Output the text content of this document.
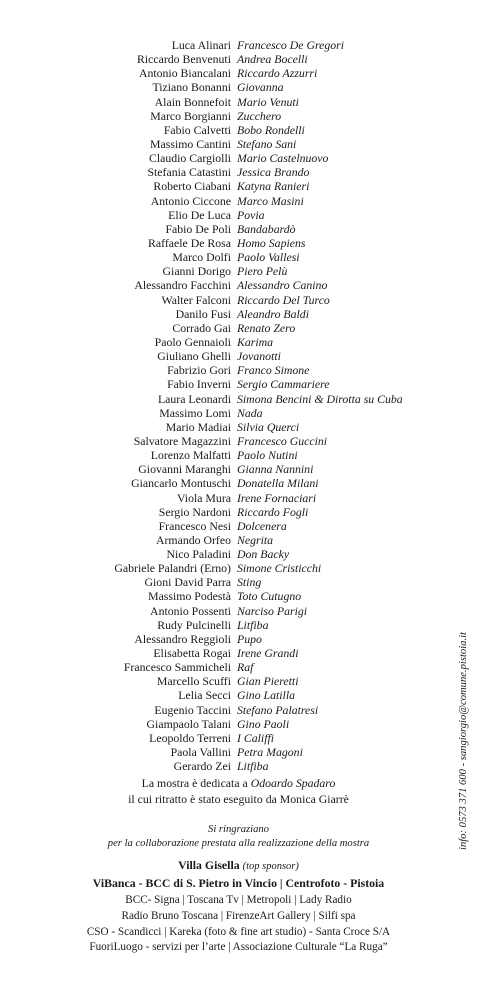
Luca Alinari Francesco De Gregori
Riccardo Benvenuti Andrea Bocelli
Antonio Biancalani Riccardo Azzurri
Tiziano Bonanni Giovanna
Alain Bonnefoit Mario Venuti
Marco Borgianni Zucchero
Fabio Calvetti Bobo Rondelli
Massimo Cantini Stefano Sani
Claudio Cargiolli Mario Castelnuovo
Stefania Catastini Jessica Brando
Roberto Ciabani Katyna Ranieri
Antonio Ciccone Marco Masini
Elio De Luca Povia
Fabio De Poli Bandabardò
Raffaele De Rosa Homo Sapiens
Marco Dolfi Paolo Vallesi
Gianni Dorigo Piero Pelù
Alessandro Facchini Alessandro Canino
Walter Falconi Riccardo Del Turco
Danilo Fusi Aleandro Baldi
Corrado Gai Renato Zero
Paolo Gennaioli Karima
Giuliano Ghelli Jovanotti
Fabrizio Gori Franco Simone
Fabio Inverni Sergio Cammariere
Laura Leonardi Simona Bencini & Dirotta su Cuba
Massimo Lomi Nada
Mario Madiai Silvia Querci
Salvatore Magazzini Francesco Guccini
Lorenzo Malfatti Paolo Nutini
Giovanni Maranghi Gianna Nannini
Giancarlo Montuschi Donatella Milani
Viola Mura Irene Fornaciari
Sergio Nardoni Riccardo Fogli
Francesco Nesi Dolcenera
Armando Orfeo Negrita
Nico Paladini Don Backy
Gabriele Palandri (Erno) Simone Cristicchi
Gioni David Parra Sting
Massimo Podestà Toto Cutugno
Antonio Possenti Narciso Parigi
Rudy Pulcinelli Litfiba
Alessandro Reggioli Pupo
Elisabetta Rogai Irene Grandi
Francesco Sammicheli Raf
Marcello Scuffi Gian Pieretti
Lelia Secci Gino Latilla
Eugenio Taccini Stefano Palatresi
Giampaolo Talani Gino Paoli
Leopoldo Terreni I Califfi
Paola Vallini Petra Magoni
Gerardo Zei Litfiba
La mostra è dedicata a Odoardo Spadaro
il cui ritratto è stato eseguito da Monica Giarrè
Si ringraziano
per la collaborazione prestata alla realizzazione della mostra
Villa Gisella (top sponsor)
ViBanca - BCC di S. Pietro in Vincio | Centrofoto - Pistoia
BCC- Signa | Toscana Tv | Metropoli | Lady Radio
Radio Bruno Toscana | FirenzeArt Gallery | Silfi spa
CSO - Scandicci | Kareka (foto & fine art studio) - Santa Croce S/A
FuoriLuogo - servizi per l’arte | Associazione Culturale “La Ruga”
info: 0573 371 600 - sangiorgio@comune.pistoia.it
